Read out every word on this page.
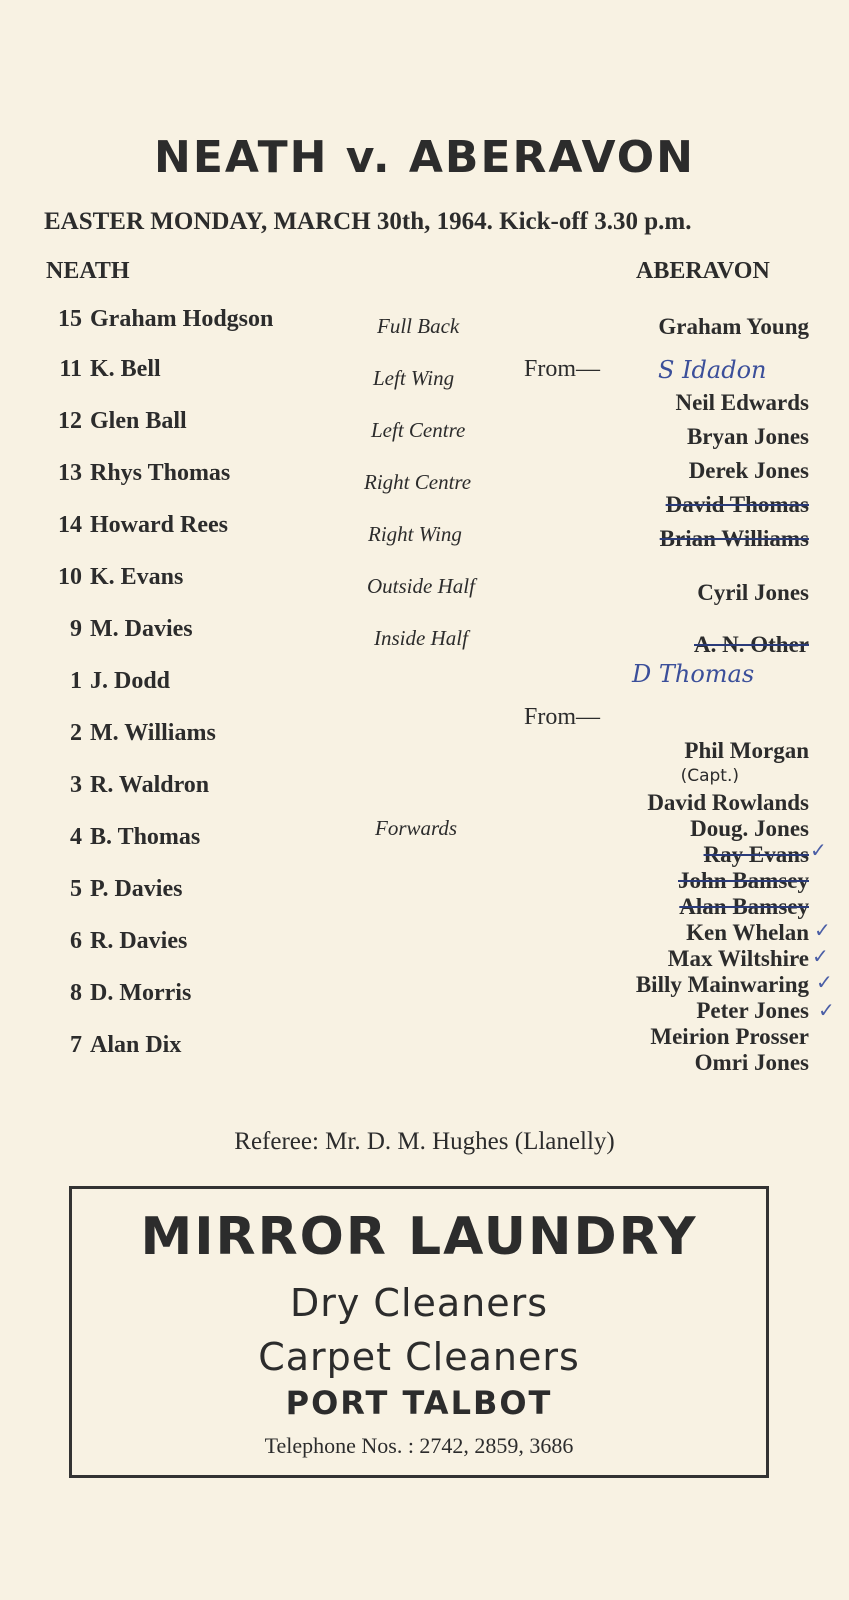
NEATH v. ABERAVON
EASTER MONDAY, MARCH 30th, 1964. Kick-off 3.30 p.m.
NEATH	ABERAVON
15 Graham Hodgson
11 K. Bell
12 Glen Ball
13 Rhys Thomas
14 Howard Rees
10 K. Evans
9 M. Davies
1 J. Dodd
2 M. Williams
3 R. Waldron
4 B. Thomas
5 P. Davies
6 R. Davies
8 D. Morris
7 Alan Dix
Full Back
Left Wing
Left Centre
Right Centre
Right Wing
Outside Half
Inside Half
Forwards
Graham Young
From— S Idadon
Neil Edwards
Bryan Jones
Derek Jones
David Thomas
Brian Williams
Cyril Jones
A. N. Other
D Thomas
From—
Phil Morgan
(Capt.)
David Rowlands
Doug. Jones
Ray Evans
John Bamsey
Alan Bamsey
Ken Whelan
Max Wiltshire
Billy Mainwaring
Peter Jones
Meirion Prosser
Omri Jones
✓
✓
✓
✓
✓
Referee: Mr. D. M. Hughes (Llanelly)
MIRROR LAUNDRY
Dry Cleaners
Carpet Cleaners
PORT TALBOT
Telephone Nos. : 2742, 2859, 3686
